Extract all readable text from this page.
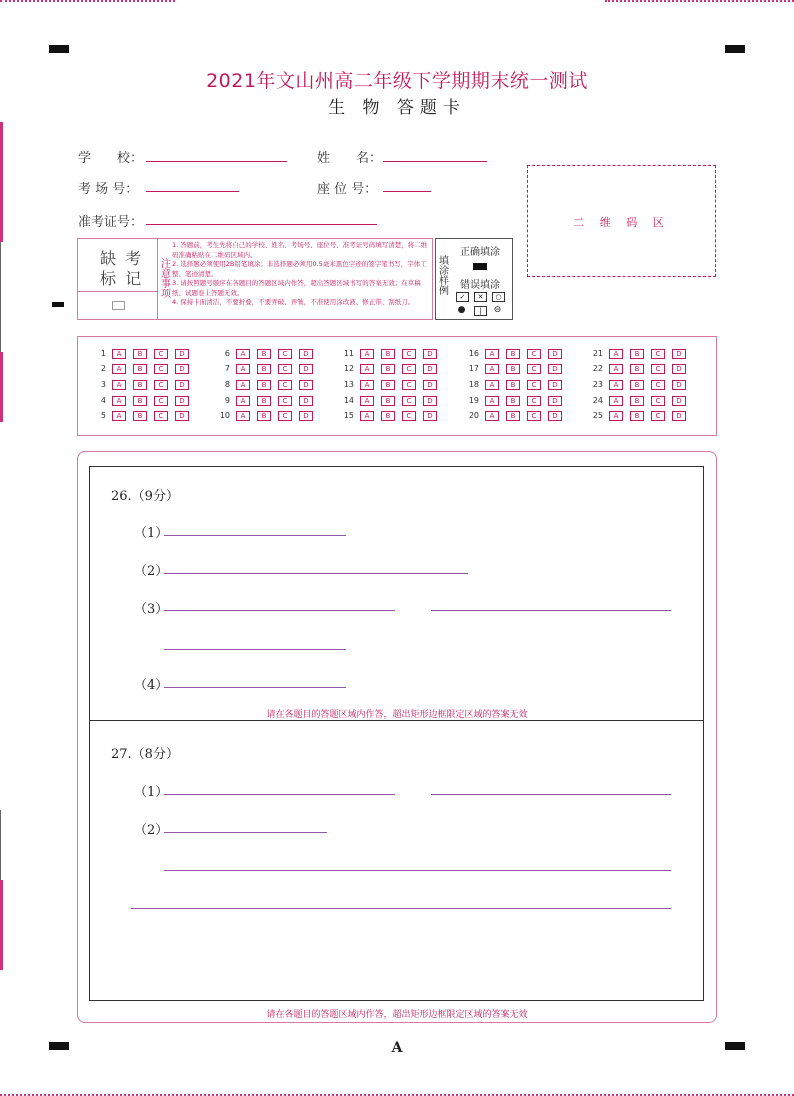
2021年文山州高二年级下学期期末统一测试
生 物 答题卡
学　　校：	姓　　名：
考 场 号：	座 位 号：
准考证号：	二 维 码 区
缺 考
标 记
注意事项
1. 答题前，考生先将自己的学校、姓名、考场号、座位号、准考证号码填写清楚，将二维码准确粘贴在二维码区域内。
2. 选择题必须使用2B铅笔填涂；非选择题必须用0.5毫米黑色字迹的签字笔书写，字体工整、笔迹清楚。
3. 请按照题号顺序在各题目的答题区域内作答，超出答题区域书写的答案无效；在草稿纸、试题卷上答题无效。
4. 保持卡面清洁，不要折叠，不要弄破、弄皱，不准使用涂改液、修正带、刮纸刀。
填涂样例
正确填涂
错误填涂
✓	✕	○
●	|	⊖
1 A B C D
2 A B C D
3 A B C D
4 A B C D
5 A B C D
6 A B C D
7 A B C D
8 A B C D
9 A B C D
10 A B C D
11 A B C D
12 A B C D
13 A B C D
14 A B C D
15 A B C D
16 A B C D
17 A B C D
18 A B C D
19 A B C D
20 A B C D
21 A B C D
22 A B C D
23 A B C D
24 A B C D
25 A B C D
26.（9分）
（1）
（2）
（3）
（4）
请在各题目的答题区域内作答，超出矩形边框限定区域的答案无效
27.（8分）
（1）
（2）
请在各题目的答题区域内作答，超出矩形边框限定区域的答案无效
A
